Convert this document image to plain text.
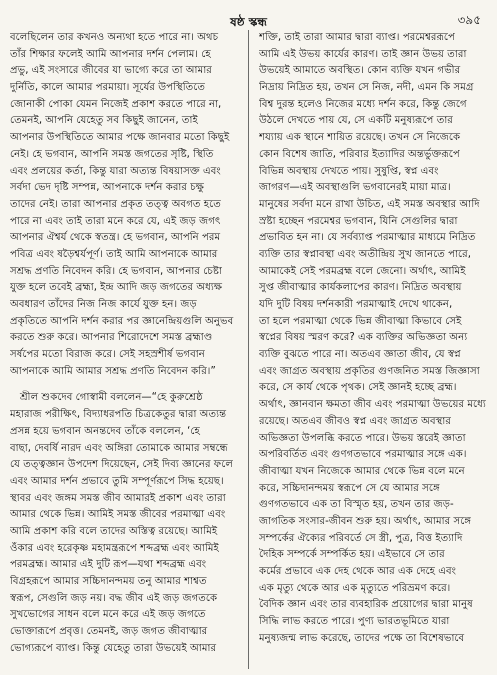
ষষ্ঠ স্কন্ধ	৩৯৫
বলেছিলেন তার কখনও অন্যথা হতে পারে না। অথচ
তাঁর শিক্ষার ফলেই আমি আপনার দর্শন পেলাম। হে
প্রভু, এই সংসারে জীবের যা ভাগ্যে করে তা আমার
দুর্নিতি, কালে আমার পরমায়া। সূর্যের উপস্থিতিতে
জোনাকী পোকা যেমন নিজেই প্রকাশ করতে পারে না,
তেমনই, আপনি যেহেতু সব কিছুই জানেন, তাই
আপনার উপস্থিতিতে আমার পক্ষে জানবার মতো কিছুই
নেই। হে ভগবান, আপনি সমস্ত জগতের সৃষ্টি, স্থিতি
এবং প্রলয়ের কর্তা, কিন্তু যারা অত্যন্ত বিষয়াসক্ত এবং
সর্বদা ভেদ দৃষ্টি সম্পন্ন, আপনাকে দর্শন করার চক্ষু
তাদের নেই। তারা আপনার প্রকৃত তত্ত্ব অবগত হতে
পারে না এবং তাই তারা মনে করে যে, এই জড় জগৎ
আপনার ঐশ্বর্য থেকে স্বতন্ত্র। হে ভগবান, আপনি পরম
পবিত্র এবং ষড়ৈশ্বর্যপূর্ণ। তাই আমি আপনাকে আমার
সশ্রদ্ধ প্রণতি নিবেদন করি। হে ভগবান, আপনার চেষ্টা
যুক্ত হলে তবেই ব্রহ্মা, ইন্দ্র আদি জড় জগতের অধ্যক্ষ
অবধারণ তাঁদের নিজ নিজ কার্যে যুক্ত হন। জড়
প্রকৃতিতে আপনি দর্শন করার পর জ্ঞানেন্দ্রিয়গুলি অনুভব
করতে শুরু করে। আপনার শিরোদেশে সমস্ত ব্রহ্মাণ্ড
সর্ষপের মতো বিরাজ করে। সেই সহস্রশীর্ষ ভগবান
আপনাকে আমি আমার সশ্রদ্ধ প্রণতি নিবেদন করি।”
শ্রীল শুকদেব গোস্বামী বললেন—“হে কুরুশ্রেষ্ঠ
মহারাজ পরীক্ষিৎ, বিদ্যাধরপতি চিত্রকেতুর দ্বারা অত্যন্ত
প্রসন্ন হয়ে ভগবান অনন্তদেব তাঁকে বললেন, ‘হে
বাছা, দেবর্ষি নারদ এবং অঙ্গিরা তোমাকে আমার সম্বন্ধে
যে তত্ত্বজ্ঞান উপদেশ দিয়েছেন, সেই দিব্য জ্ঞানের ফলে
এবং আমার দর্শন প্রভাবে তুমি সম্পূর্ণরূপে সিদ্ধ হয়েছ।
স্থাবর এবং জঙ্গম সমস্ত জীব আমারই প্রকাশ এবং তারা
আমার থেকে ভিন্ন। আমিই সমস্ত জীবের পরমাত্মা এবং
আমি প্রকাশ করি বলে তাদের অস্তিত্ব রয়েছে। আমিই
ওঁকার এবং হরেকৃষ্ণ মহামন্ত্ররূপে শব্দব্রহ্ম এবং আমিই
পরমব্রহ্ম। আমার এই দুটি রূপ—যথা শব্দব্রহ্ম এবং
বিগ্রহরূপে আমার সচ্চিদানন্দময় তনু আমার শাশ্বত
স্বরূপ, সেগুলি জড় নয়। বদ্ধ জীব এই জড় জগতকে
সুখভোগের সাধন বলে মনে করে এই জড় জগতে
ভোক্তারূপে প্রবৃত্ত। তেমনই, জড় জগত জীবাত্মার
ভোগ্যরূপে ব্যাপ্ত। কিন্তু যেহেতু তারা উভয়েই আমার
শক্তি, তাই তারা আমার দ্বারা ব্যাপ্ত। পরমেশ্বররূপে
আমি এই উভয় কার্যের কারণ। তাই জ্ঞান উভয় তারা
উভয়েই আমাতে অবস্থিত। কোন ব্যক্তি যখন গভীর
নিদ্রায় নিদ্রিত হয়, তখন সে নিজ, নদী, এমন কি সমগ্র
বিশ্ব দুরন্ত হলেও নিজের মধ্যে দর্শন করে, কিন্তু জেগে
উঠলে দেখতে পায় যে, সে একটি মনুষ্যরূপে তার
শয্যায় এক স্থানে শায়িত রয়েছে। তখন সে নিজেকে
কোন বিশেষ জাতি, পরিবার ইত্যাদির অন্তর্ভুক্তরূপে
বিভিন্ন অবস্থায় দেখতে পায়। সুষুপ্তি, স্বপ্ন এবং
জাগরণ—এই অবস্থাগুলি ভগবানেরই মায়া মাত্র।
মানুষের সর্বদা মনে রাখা উচিত, এই সমস্ত অবস্থার আদি
স্রষ্টা হচ্ছেন পরমেশ্বর ভগবান, যিনি সেগুলির দ্বারা
প্রভাবিত হন না। যে সর্বব্যাপ্ত পরমাত্মার মাধ্যমে নিদ্রিত
ব্যক্তি তার স্বপ্নাবস্থা এবং অতীন্দ্রিয় সুখ জানতে পারে,
আমাকেই সেই পরমব্রহ্ম বলে জেনো। অর্থাৎ, আমিই
সুপ্ত জীবাত্মার কার্যকলাপের কারণ। নিদ্রিত অবস্থায়
যদি দুটি বিষয় দর্শনকারী পরমাত্মাই দেখে থাকেন,
তা হলে পরমাত্মা থেকে ভিন্ন জীবাত্মা কিভাবে সেই
স্বপ্নের বিষয় স্মরণ করে? এক ব্যক্তির অভিজ্ঞতা অন্য
ব্যক্তি বুঝতে পারে না। অতএব জ্ঞাতা জীব, যে স্বপ্ন
এবং জাগ্রত অবস্থায় প্রকৃতির গুণজনিত সমস্ত জিজ্ঞাসা
করে, সে কার্য থেকে পৃথক। সেই জ্ঞানই হচ্ছে ব্রহ্ম।
অর্থাৎ, জ্ঞানবান ক্ষমতা জীব এবং পরমাত্মা উভয়ের মধ্যে
রয়েছে। অতএব জীবও স্বপ্ন এবং জাগ্রত অবস্থার
অভিজ্ঞতা উপলব্ধি করতে পারে। উভয় স্তরেই জ্ঞাতা
অপরিবর্তিত এবং গুণগতভাবে পরমাত্মার সঙ্গে এক।
জীবাত্মা যখন নিজেকে আমার থেকে ভিন্ন বলে মনে
করে, সচ্চিদানন্দময় স্বরূপে সে যে আমার সঙ্গে
গুণগতভাবে এক তা বিস্মৃত হয়, তখন তার জড়-
জাগতিক সংসার-জীবন শুরু হয়। অর্থাৎ, আমার সঙ্গে
সম্পর্কের ঐক্যের পরিবর্তে সে স্ত্রী, পুত্র, বিত্ত ইত্যাদি
দৈহিক সম্পর্কে সম্পর্কিত হয়। এইভাবে সে তার
কর্মের প্রভাবে এক দেহ থেকে আর এক দেহে এবং
এক মৃত্যু থেকে আর এক মৃত্যুতে পরিভ্রমণ করে।
বৈদিক জ্ঞান এবং তার ব্যবহারিক প্রয়োগের দ্বারা মানুষ
সিদ্ধি লাভ করতে পারে। পুণ্য ভারতভূমিতে যারা
মনুষ্যজন্ম লাভ করেছে, তাদের পক্ষে তা বিশেষভাবে
